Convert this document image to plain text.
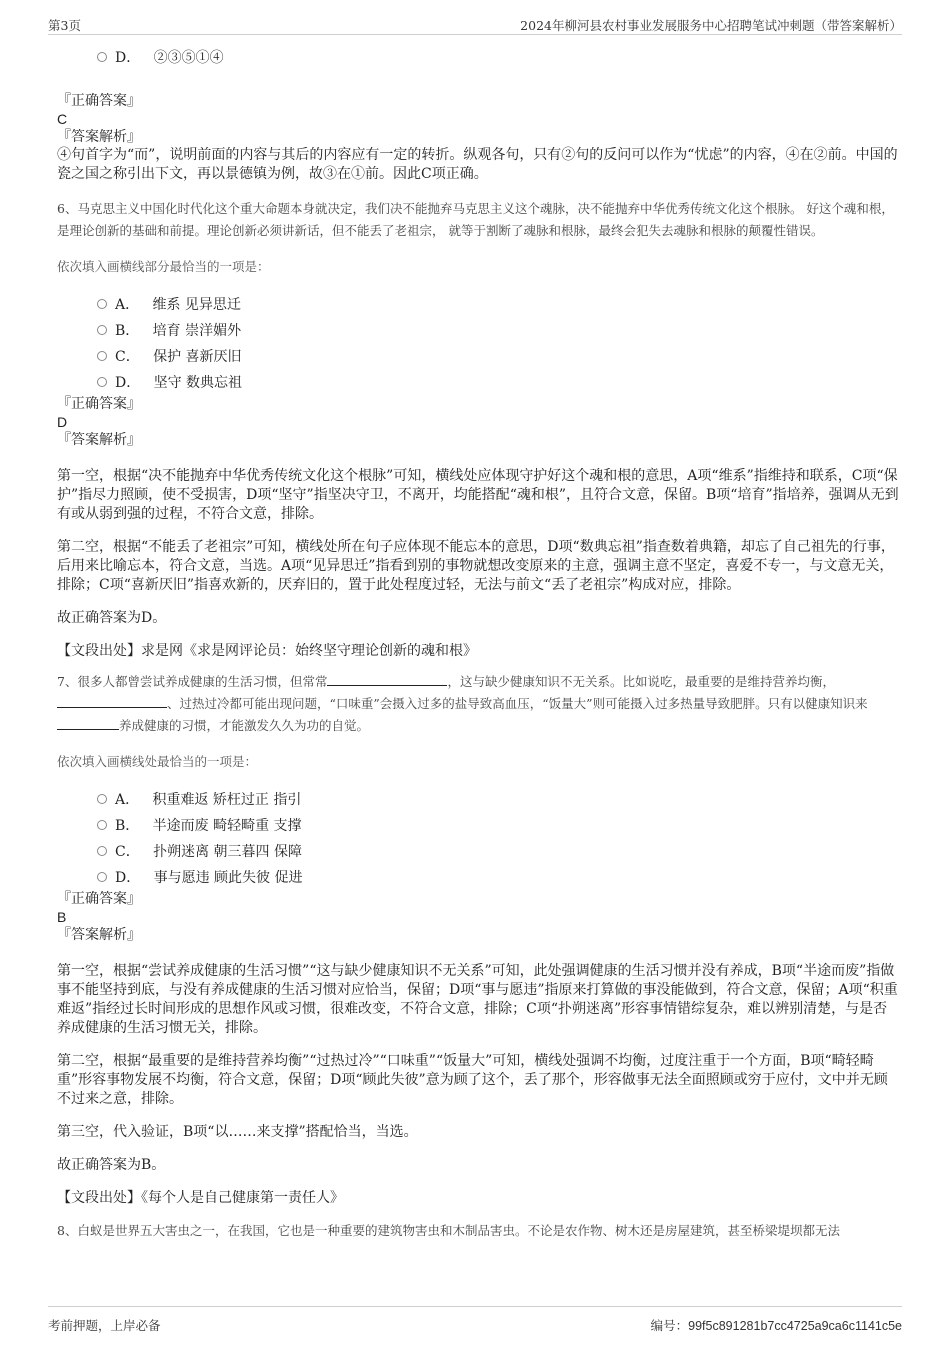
第3页	2024年柳河县农村事业发展服务中心招聘笔试冲刺题（带答案解析）
D． ②③⑤①④
『正确答案』
C
『答案解析』

④句首字为“而”，说明前面的内容与其后的内容应有一定的转折。纵观各句，只有②句的反问可以作为“忧虑”的内容，④在②前。中国的瓷之国之称引出下文，再以景德镇为例，故③在①前。因此C项正确。

6、马克思主义中国化时代化这个重大命题本身就决定，我们决不能抛弃马克思主义这个魂脉，决不能抛弃中华优秀传统文化这个根脉。 好这个魂和根，是理论创新的基础和前提。理论创新必须讲新话，但不能丢了老祖宗， 就等于割断了魂脉和根脉，最终会犯失去魂脉和根脉的颠覆性错误。

依次填入画横线部分最恰当的一项是：

A． 维系 见异思迁
B． 培育 崇洋媚外
C． 保护 喜新厌旧
D． 坚守 数典忘祖
『正确答案』
D
『答案解析』

第一空，根据“决不能抛弃中华优秀传统文化这个根脉”可知，横线处应体现守护好这个魂和根的意思，A项“维系”指维持和联系，C项“保护”指尽力照顾，使不受损害，D项“坚守”指坚决守卫，不离开，均能搭配“魂和根”，且符合文意，保留。B项“培育”指培养，强调从无到有或从弱到强的过程，不符合文意，排除。

第二空，根据“不能丢了老祖宗”可知，横线处所在句子应体现不能忘本的意思，D项“数典忘祖”指查数着典籍，却忘了自己祖先的行事，后用来比喻忘本，符合文意，当选。A项“见异思迁”指看到别的事物就想改变原来的主意，强调主意不坚定，喜爱不专一，与文意无关，排除；C项“喜新厌旧”指喜欢新的，厌弃旧的，置于此处程度过轻，无法与前文“丢了老祖宗”构成对应，排除。

故正确答案为D。

【文段出处】求是网《求是网评论员：始终坚守理论创新的魂和根》

7、很多人都曾尝试养成健康的生活习惯，但常常	，这与缺少健康知识不无关系。比如说吃，最重要的是维持营养均衡，、过热过冷都可能出现问题，“口味重”会摄入过多的盐导致高血压，“饭量大”则可能摄入过多热量导致肥胖。只有以健康知识来养成健康的习惯，才能激发久久为功的自觉。

依次填入画横线处最恰当的一项是：

A． 积重难返 矫枉过正 指引
B． 半途而废 畸轻畸重 支撑
C． 扑朔迷离 朝三暮四 保障
D． 事与愿违 顾此失彼 促进
『正确答案』
B
『答案解析』

第一空，根据“尝试养成健康的生活习惯”“这与缺少健康知识不无关系”可知，此处强调健康的生活习惯并没有养成，B项“半途而废”指做事不能坚持到底，与没有养成健康的生活习惯对应恰当，保留；D项“事与愿违”指原来打算做的事没能做到，符合文意，保留；A项“积重难返”指经过长时间形成的思想作风或习惯，很难改变，不符合文意，排除；C项“扑朔迷离”形容事情错综复杂，难以辨别清楚，与是否养成健康的生活习惯无关，排除。

第二空，根据“最重要的是维持营养均衡”“过热过冷”“口味重”“饭量大”可知，横线处强调不均衡，过度注重于一个方面，B项“畸轻畸重”形容事物发展不均衡，符合文意，保留；D项“顾此失彼”意为顾了这个，丢了那个，形容做事无法全面照顾或穷于应付，文中并无顾不过来之意，排除。

第三空，代入验证，B项“以……来支撑”搭配恰当，当选。

故正确答案为B。

【文段出处】《每个人是自己健康第一责任人》

8、白蚁是世界五大害虫之一，在我国，它也是一种重要的建筑物害虫和木制品害虫。不论是农作物、树木还是房屋建筑，甚至桥梁堤坝都无法

考前押题，上岸必备	编号：99f5c891281b7cc4725a9ca6c1141c5e
